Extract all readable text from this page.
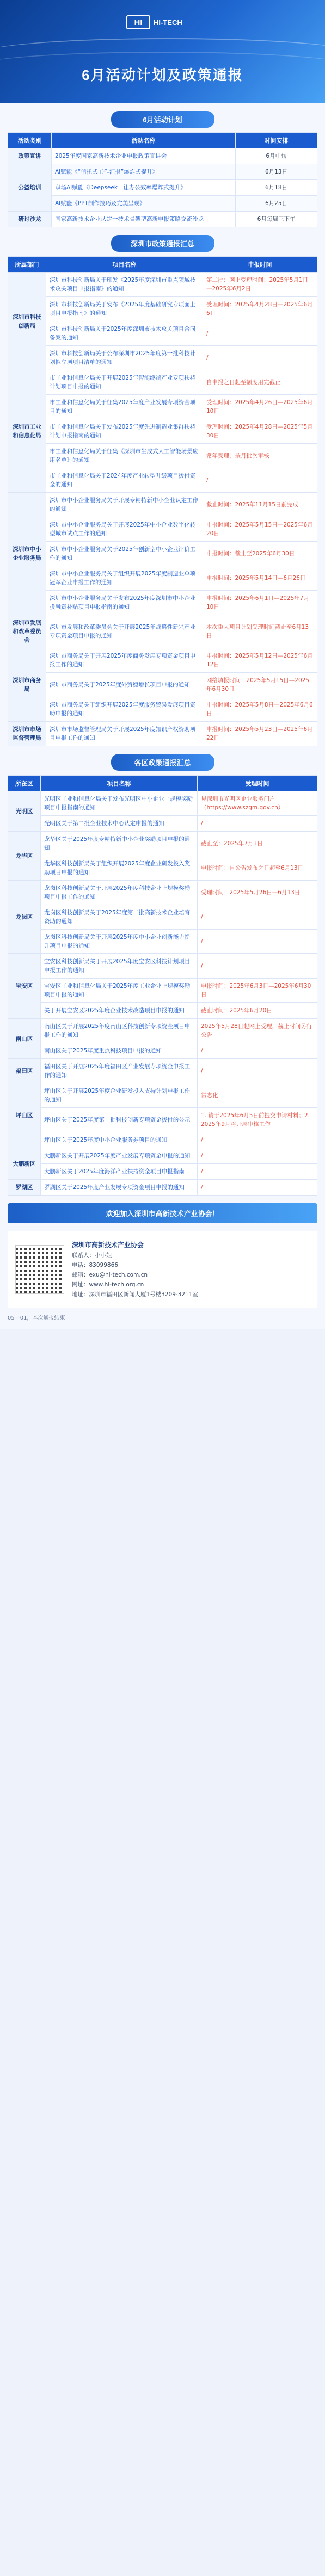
HI	HI-TECH
6月活动计划及政策通报
6月活动计划
活动类别	活动名称	时间安排
政策宣讲	2025年度国家高新技术企业申报政策宣讲会	6月中旬
公益培训	AI赋能《“信托式工作汇报”爆炸式提升》	6月13日
	职场AI赋能《Deepseek一让办公效率爆炸式提升》	6月18日
	AI赋能《PPT制作技巧及完美呈现》	6月25日
研讨沙龙	国家高新技术企业认定一技术骨架型高新申报策略交流沙龙	6月每周三下午
深圳市政策通报汇总
所属部门	项目名称	申报时间
深圳市科技创新局	深圳市科技创新局关于印发《2025年度深圳市重点领域技术攻关项目申报指南》的通知	第二批：网上受理时间：2025年5月1日—2025年6月2日
	深圳市科技创新局关于发布《2025年度基础研究专项面上项目申报指南》的通知	受理时间：2025年4月28日—2025年6月6日
	深圳市科技创新局关于2025年度深圳市技术攻关项目合同备案的通知	/
	深圳市科技创新局关于公布深圳市2025年度第一批科技计划拟立项项目清单的通知	/
深圳市工业和信息化局	市工业和信息化局关于开展2025年智能终端产业专项扶持计划项目申报的通知	自申报之日起至额度用完截止
	市工业和信息化局关于征集2025年度产业发展专项资金项目的通知	受理时间：2025年4月26日—2025年6月10日
	市工业和信息化局关于发布2025年度先进制造业集群扶持计划申报指南的通知	受理时间：2025年4月28日—2025年5月30日
	市工业和信息化局关于征集《深圳市生成式人工智能场景应用名单》的通知	常年受理，按月批次审核
	市工业和信息化局关于2024年度产业转型升级项目拨付资金的通知	/
深圳市中小企业服务局	深圳市中小企业服务局关于开展专精特新中小企业认定工作的通知	截止时间：2025年11月15日前完成
	深圳市中小企业服务局关于开展2025年中小企业数字化转型城市试点工作的通知	申报时间：2025年5月15日—2025年6月20日
	深圳市中小企业服务局关于2025年创新型中小企业评价工作的通知	申报时间：截止至2025年6月30日
	深圳市中小企业服务局关于组织开展2025年度制造业单项冠军企业申报工作的通知	申报时间：2025年5月14日—6月26日
	深圳市中小企业服务局关于发布2025年度深圳市中小企业投融资补贴项目申报指南的通知	申报时间：2025年6月1日—2025年7月10日
深圳市发展和改革委员会	深圳市发展和改革委员会关于开展2025年战略性新兴产业专项资金项目申报的通知	本次重大项目计划受理时间截止至6月13日
深圳市商务局	深圳市商务局关于开展2025年度商务发展专项资金项目申报工作的通知	申报时间：2025年5月12日—2025年6月12日
	深圳市商务局关于2025年度外贸稳增长项目申报的通知	网络填报时间：2025年5月15日—2025年6月30日
	深圳市商务局关于组织开展2025年度服务贸易发展项目资助申报的通知	申报时间：2025年5月8日—2025年6月6日
深圳市市场监督管理局	深圳市市场监督管理局关于开展2025年度知识产权资助项目申报工作的通知	申报时间：2025年5月23日—2025年6月22日
各区政策通报汇总
所在区	项目名称	受理时间
光明区	光明区工业和信息化局关于发布光明区中小企业上规模奖励项目申报指南的通知	见深圳市光明区企业服务门户（https://www.szgm.gov.cn）
	光明区关于第二批企业技术中心认定申报的通知	/
龙华区	龙华区关于2025年度专精特新中小企业奖励项目申报的通知	截止至：2025年7月3日
	龙华区科技创新局关于组织开展2025年度企业研发投入奖励项目申报的通知	申报时间：自公告发布之日起至6月13日
龙岗区	龙岗区科技创新局关于开展2025年度科技企业上规模奖励项目申报工作的通知	受理时间：2025年5月26日—6月13日
	龙岗区科技创新局关于2025年度第二批高新技术企业培育资助的通知	/
	龙岗区科技创新局关于开展2025年度中小企业创新能力提升项目申报的通知	/
宝安区	宝安区科技创新局关于开展2025年度宝安区科技计划项目申报工作的通知	/
	宝安区工业和信息化局关于2025年度工业企业上规模奖励项目申报的通知	申报时间：2025年6月3日—2025年6月30日
	关于开展宝安区2025年度企业技术改造项目申报的通知	截止时间：2025年6月20日
南山区	南山区关于开展2025年度南山区科技创新专项资金项目申报工作的通知	2025年5月28日起网上受理，截止时间另行公告
	南山区关于2025年度重点科技项目申报的通知	/
福田区	福田区关于开展2025年度福田区产业发展专项资金申报工作的通知	/
坪山区	坪山区关于开展2025年度企业研发投入支持计划申报工作的通知	常态化
	坪山区关于2025年度第一批科技创新专项资金拨付的公示	1. 请于2025年6月5日前提交申请材料；2. 2025年9月将开展审核工作
	坪山区关于2025年度中小企业服务券项目的通知	/
大鹏新区	大鹏新区关于开展2025年度产业发展专项资金申报的通知	/
	大鹏新区关于2025年度海洋产业扶持资金项目申报指南	/
罗湖区	罗湖区关于2025年度产业发展专项资金项目申报的通知	/
欢迎加入深圳市高新技术产业协会！

深圳市高新技术产业协会

联系人：小小姐

电话：83099866

邮箱：exu@hi-tech.com.cn

网址：www.hi-tech.org.cn

地址：深圳市福田区新闻大厦1号楼3209-3211室

05—01，本次通报结束
